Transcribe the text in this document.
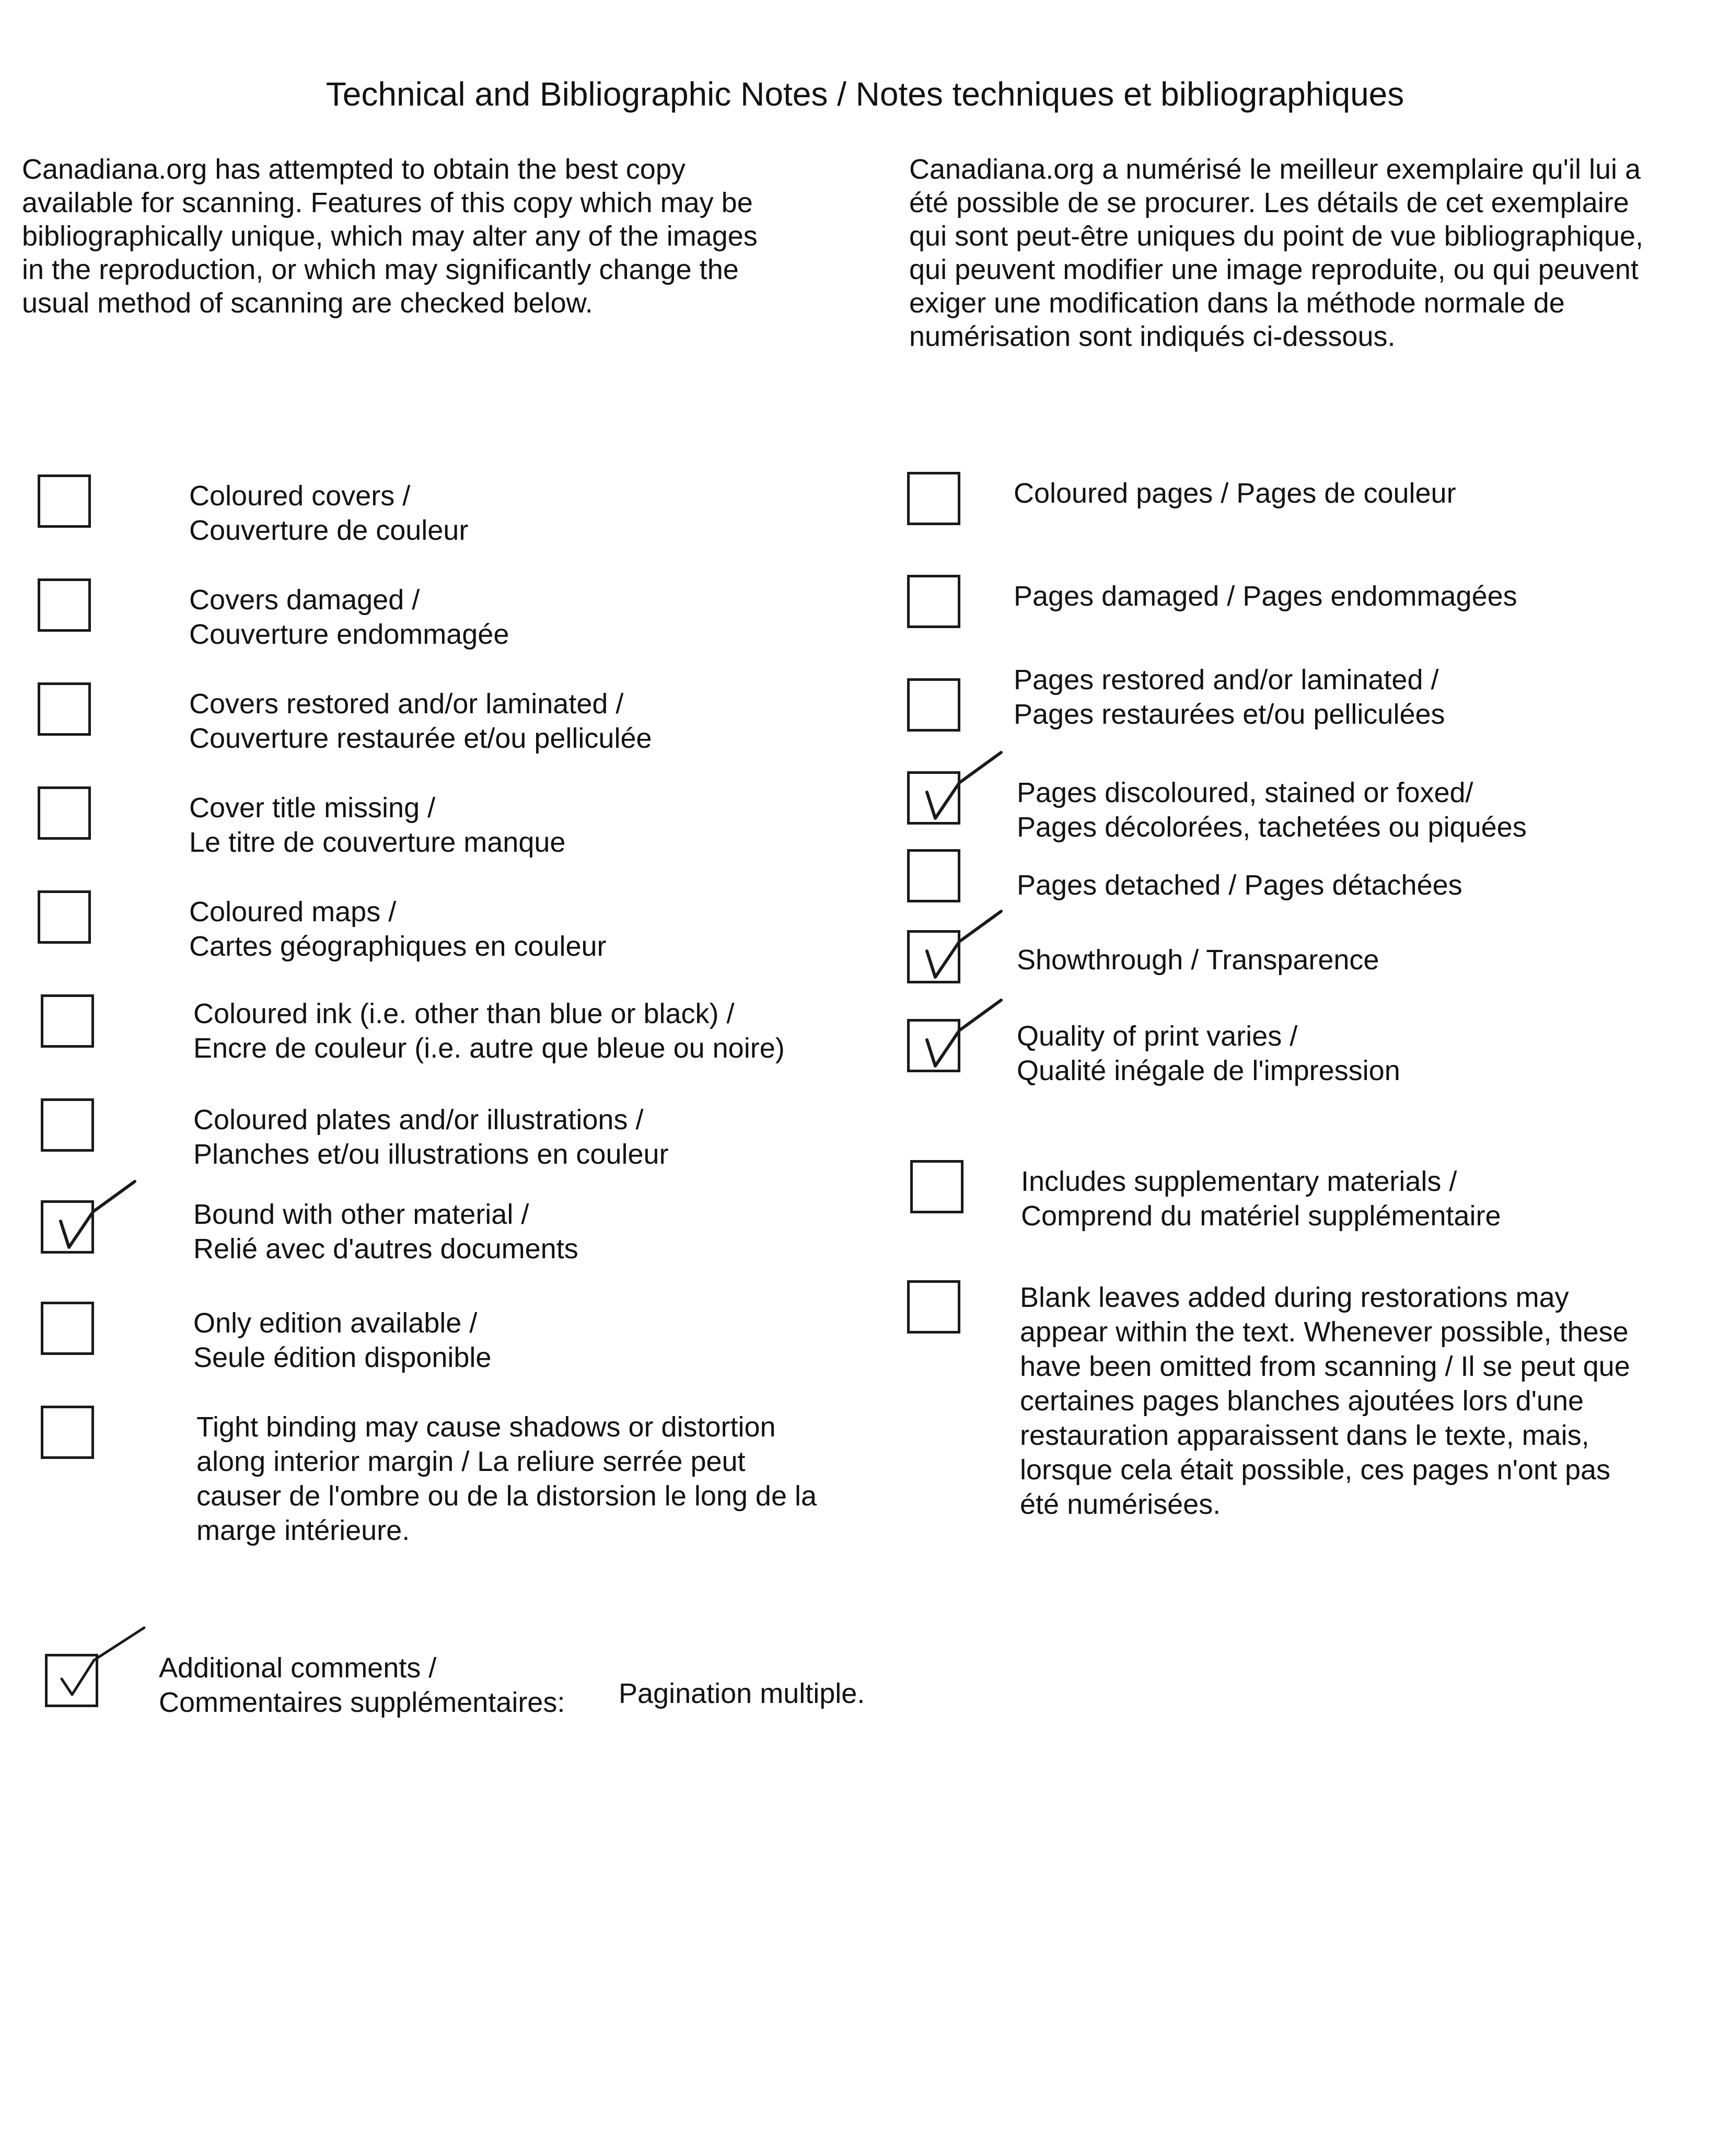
Technical and Bibliographic Notes / Notes techniques et bibliographiques
Canadiana.org has attempted to obtain the best copy
available for scanning. Features of this copy which may be
bibliographically unique, which may alter any of the images
in the reproduction, or which may significantly change the
usual method of scanning are checked below.
Canadiana.org a numérisé le meilleur exemplaire qu'il lui a
été possible de se procurer. Les détails de cet exemplaire
qui sont peut-être uniques du point de vue bibliographique,
qui peuvent modifier une image reproduite, ou qui peuvent
exiger une modification dans la méthode normale de
numérisation sont indiqués ci-dessous.
Coloured covers /
Couverture de couleur
Covers damaged /
Couverture endommagée
Covers restored and/or laminated /
Couverture restaurée et/ou pelliculée
Cover title missing /
Le titre de couverture manque
Coloured maps /
Cartes géographiques en couleur
Coloured ink (i.e. other than blue or black) /
Encre de couleur (i.e. autre que bleue ou noire)
Coloured plates and/or illustrations /
Planches et/ou illustrations en couleur
Bound with other material /
Relié avec d'autres documents
Only edition available /
Seule édition disponible
Tight binding may cause shadows or distortion
along interior margin / La reliure serrée peut
causer de l'ombre ou de la distorsion le long de la
marge intérieure.
Coloured pages / Pages de couleur
Pages damaged / Pages endommagées
Pages restored and/or laminated /
Pages restaurées et/ou pelliculées
Pages discoloured, stained or foxed/
Pages décolorées, tachetées ou piquées
Pages detached / Pages détachées
Showthrough / Transparence
Quality of print varies /
Qualité inégale de l'impression
Includes supplementary materials /
Comprend du matériel supplémentaire
Blank leaves added during restorations may
appear within the text. Whenever possible, these
have been omitted from scanning / Il se peut que
certaines pages blanches ajoutées lors d'une
restauration apparaissent dans le texte, mais,
lorsque cela était possible, ces pages n'ont pas
été numérisées.
Additional comments /
Commentaires supplémentaires: Pagination multiple.
